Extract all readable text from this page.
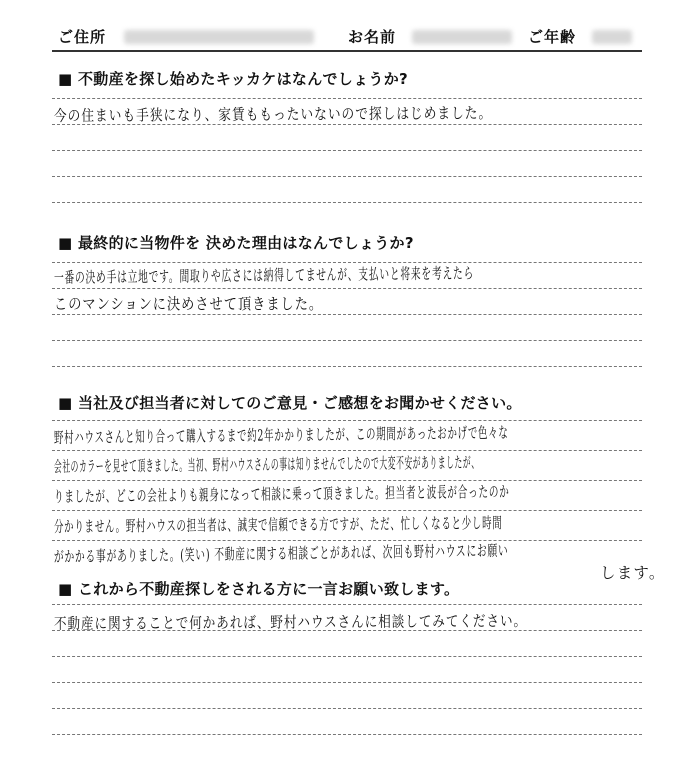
ご住所	お名前	ご年齢
■ 不動産を探し始めたキッカケはなんでしょうか?
今の住まいも手狭になり、家賃ももったいないので探しはじめました。
■ 最終的に当物件を 決めた理由はなんでしょうか?
一番の決め手は立地です。間取りや広さには納得してませんが、支払いと将来を考えたら
このマンションに決めさせて頂きました。
■ 当社及び担当者に対してのご意見・ご感想をお聞かせください。
野村ハウスさんと知り合って購入するまで約2年かかりましたが、この期間があったおかげで色々な
会社のカラーを見せて頂きました。当初、野村ハウスさんの事は知りませんでしたので大変不安がありましたが、
りましたが、どこの会社よりも親身になって相談に乗って頂きました。担当者と波長が合ったのか
分かりません。野村ハウスの担当者は、誠実で信頼できる方ですが、ただ、忙しくなると少し時間
がかかる事がありました。(笑い) 不動産に関する相談ごとがあれば、次回も野村ハウスにお願い
します。
■ これから不動産探しをされる方に一言お願い致します。
不動産に関することで何かあれば、野村ハウスさんに相談してみてください。
